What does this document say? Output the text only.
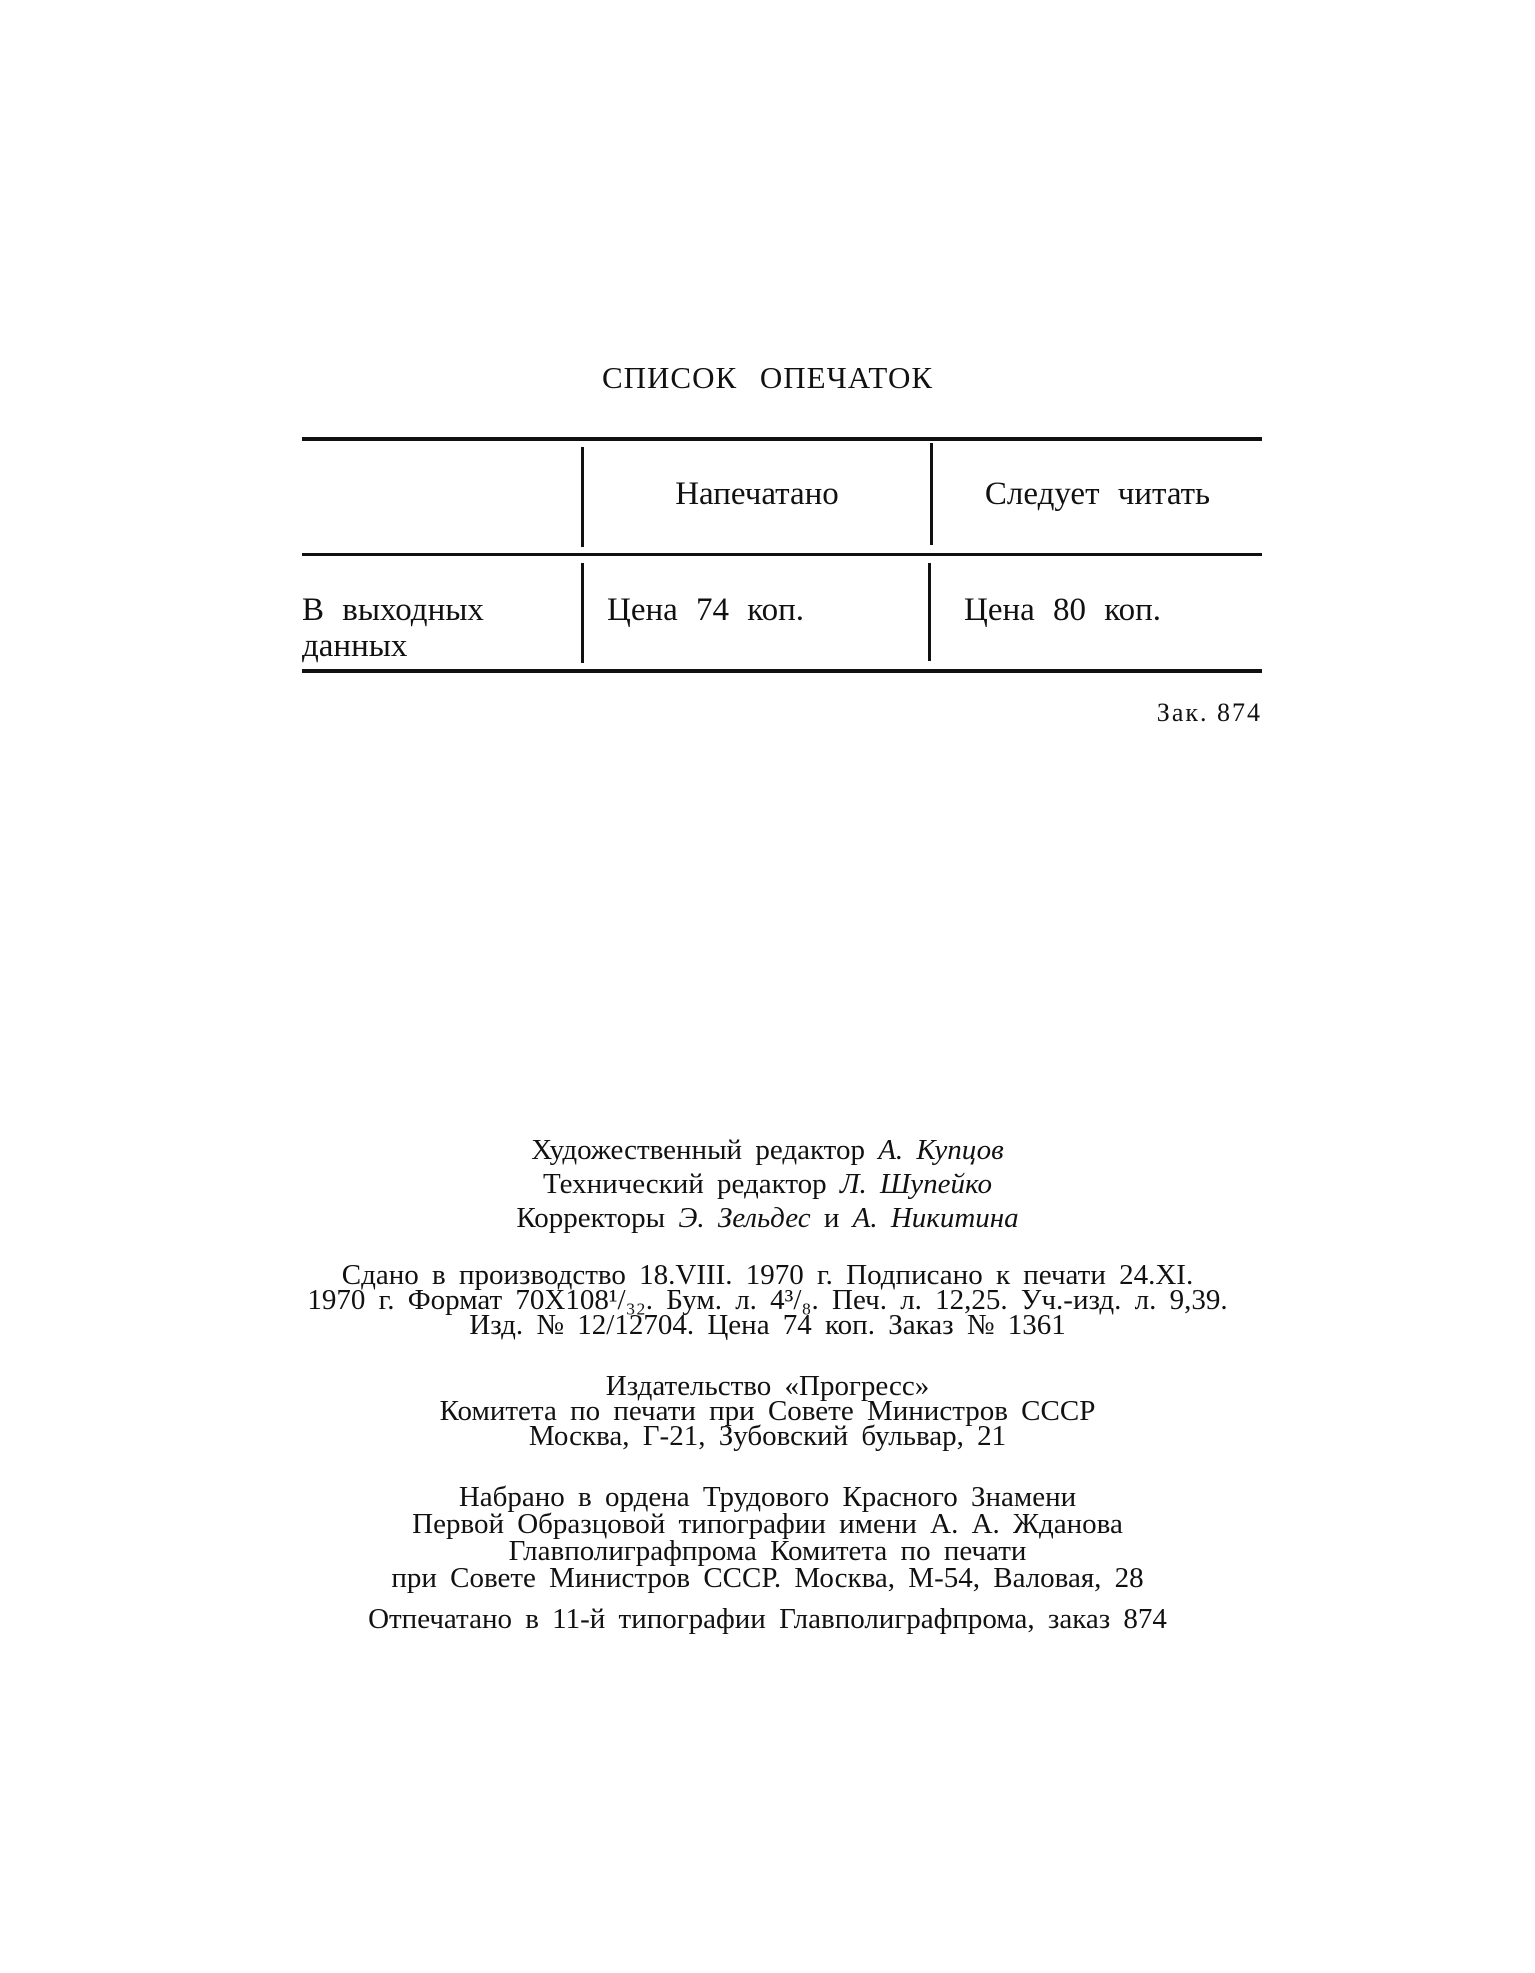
СПИСОК ОПЕЧАТОК
Напечатано	Следует читать
В выходных
данных
Цена 74 коп.	Цена 80 коп.
Зак. 874
Художественный редактор А. Купцов
Технический редактор Л. Шупейко
Корректоры Э. Зельдес и А. Никитина
Сдано в производство 18.VIII. 1970 г. Подписано к печати 24.XI.
1970 г. Формат 70Х108¹/₃₂. Бум. л. 4³/₈. Печ. л. 12,25. Уч.-изд. л. 9,39.
Изд. № 12/12704. Цена 74 коп. Заказ № 1361
Издательство «Прогресс»
Комитета по печати при Совете Министров СССР
Москва, Г-21, Зубовский бульвар, 21
Набрано в ордена Трудового Красного Знамени
Первой Образцовой типографии имени А. А. Жданова
Главполиграфпрома Комитета по печати
при Совете Министров СССР. Москва, М-54, Валовая, 28
Отпечатано в 11-й типографии Главполиграфпрома, заказ 874
